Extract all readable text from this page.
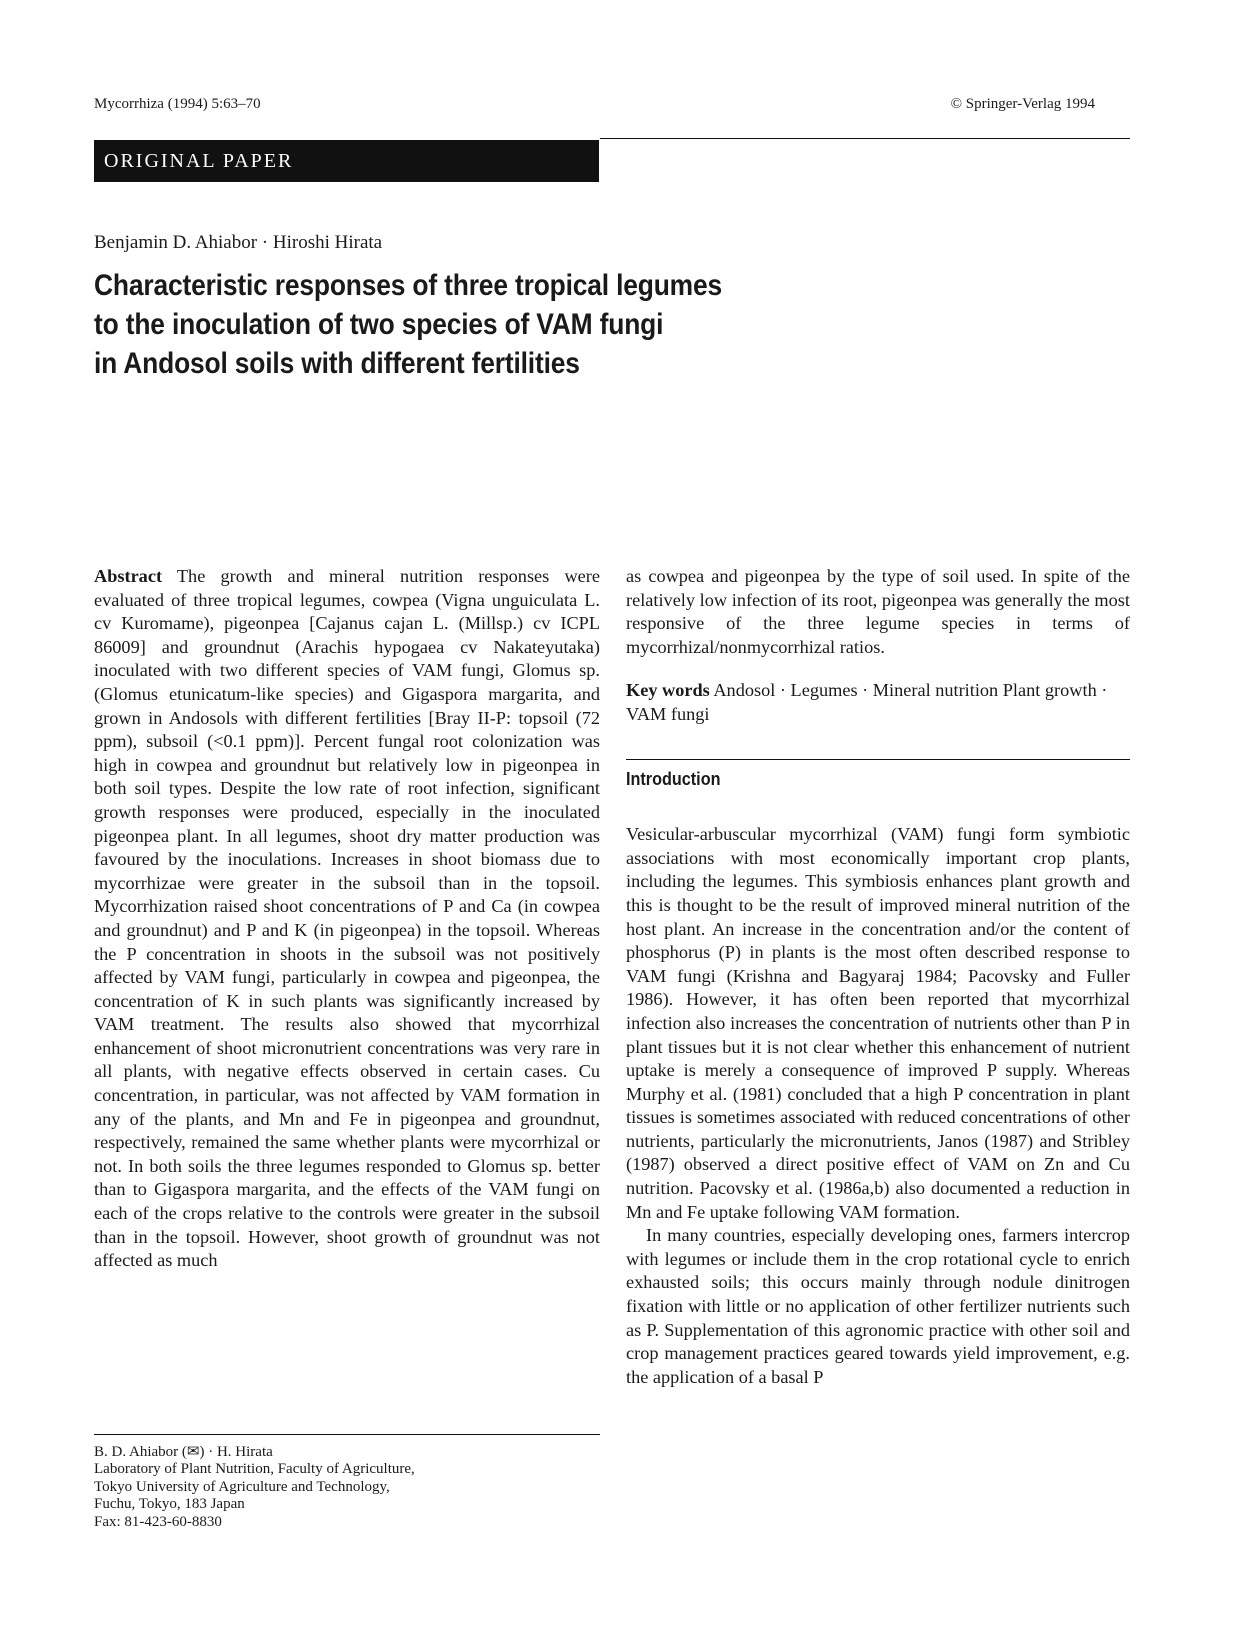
Mycorrhiza (1994) 5:63–70	© Springer-Verlag 1994
ORIGINAL PAPER
Benjamin D. Ahiabor · Hiroshi Hirata
Characteristic responses of three tropical legumes
to the inoculation of two species of VAM fungi
in Andosol soils with different fertilities

Abstract The growth and mineral nutrition responses were evaluated of three tropical legumes, cowpea (Vigna unguiculata L. cv Kuromame), pigeonpea [Cajanus cajan L. (Millsp.) cv ICPL 86009] and groundnut (Arachis hypogaea cv Nakateyutaka) inoculated with two different species of VAM fungi, Glomus sp. (Glomus etunicatum-like species) and Gigaspora margarita, and grown in Andosols with different fertilities [Bray II-P: topsoil (72 ppm), subsoil (<0.1 ppm)]. Percent fungal root colonization was high in cowpea and groundnut but relatively low in pigeonpea in both soil types. Despite the low rate of root infection, significant growth responses were produced, especially in the inoculated pigeonpea plant. In all legumes, shoot dry matter production was favoured by the inoculations. Increases in shoot biomass due to mycorrhizae were greater in the subsoil than in the topsoil. Mycorrhization raised shoot concentrations of P and Ca (in cowpea and groundnut) and P and K (in pigeonpea) in the topsoil. Whereas the P concentration in shoots in the subsoil was not positively affected by VAM fungi, particularly in cowpea and pigeonpea, the concentration of K in such plants was significantly increased by VAM treatment. The results also showed that mycorrhizal enhancement of shoot micronutrient concentrations was very rare in all plants, with negative effects observed in certain cases. Cu concentration, in particular, was not affected by VAM formation in any of the plants, and Mn and Fe in pigeonpea and groundnut, respectively, remained the same whether plants were mycorrhizal or not. In both soils the three legumes responded to Glomus sp. better than to Gigaspora margarita, and the effects of the VAM fungi on each of the crops relative to the controls were greater in the subsoil than in the topsoil. However, shoot growth of groundnut was not affected as much

as cowpea and pigeonpea by the type of soil used. In spite of the relatively low infection of its root, pigeonpea was generally the most responsive of the three legume species in terms of mycorrhizal/nonmycorrhizal ratios.

Key words Andosol · Legumes · Mineral nutrition Plant growth · VAM fungi

Introduction

Vesicular-arbuscular mycorrhizal (VAM) fungi form symbiotic associations with most economically important crop plants, including the legumes. This symbiosis enhances plant growth and this is thought to be the result of improved mineral nutrition of the host plant. An increase in the concentration and/or the content of phosphorus (P) in plants is the most often described response to VAM fungi (Krishna and Bagyaraj 1984; Pacovsky and Fuller 1986). However, it has often been reported that mycorrhizal infection also increases the concentration of nutrients other than P in plant tissues but it is not clear whether this enhancement of nutrient uptake is merely a consequence of improved P supply. Whereas Murphy et al. (1981) concluded that a high P concentration in plant tissues is sometimes associated with reduced concentrations of other nutrients, particularly the micronutrients, Janos (1987) and Stribley (1987) observed a direct positive effect of VAM on Zn and Cu nutrition. Pacovsky et al. (1986a,b) also documented a reduction in Mn and Fe uptake following VAM formation.

In many countries, especially developing ones, farmers intercrop with legumes or include them in the crop rotational cycle to enrich exhausted soils; this occurs mainly through nodule dinitrogen fixation with little or no application of other fertilizer nutrients such as P. Supplementation of this agronomic practice with other soil and crop management practices geared towards yield improvement, e.g. the application of a basal P

B. D. Ahiabor (✉) · H. Hirata
Laboratory of Plant Nutrition, Faculty of Agriculture,
Tokyo University of Agriculture and Technology,
Fuchu, Tokyo, 183 Japan
Fax: 81-423-60-8830
